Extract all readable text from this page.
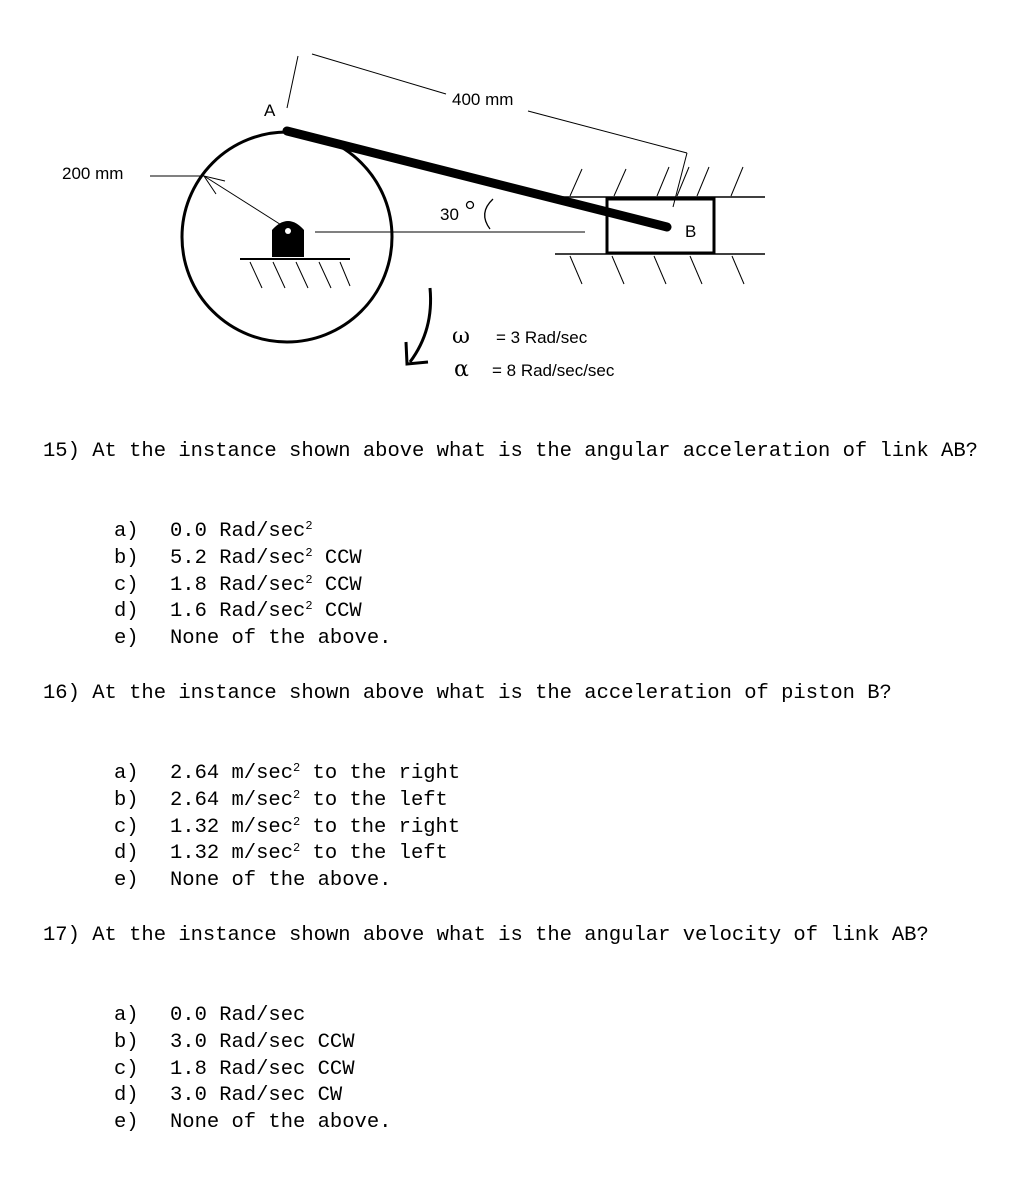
200 mm
A
400 mm
30
B
ω = 3 Rad/sec
α = 8 Rad/sec/sec

15) At the instance shown above what is the angular acceleration of link AB?

a) 0.0 Rad/$\sec^2$
b) 5.2 Rad/$\sec^2$ CCW
c) 1.8 Rad/$\sec^2$ CCW
d) 1.6 Rad/$\sec^2$ CCW
e) None of the above.

16) At the instance shown above what is the acceleration of piston B?

a) 2.64 $m/\sec^2$ to the right
b) 2.64 $m/\sec^2$ to the left
c) 1.32 $m/\sec^2$ to the right
d) 1.32 $m/\sec^2$ to the left
e) None of the above.

17) At the instance shown above what is the angular velocity of link AB?

a) 0.0 Rad/sec
b) 3.0 Rad/sec CCW
c) 1.8 Rad/sec CCW
d) 3.0 Rad/sec CW
e) None of the above.
